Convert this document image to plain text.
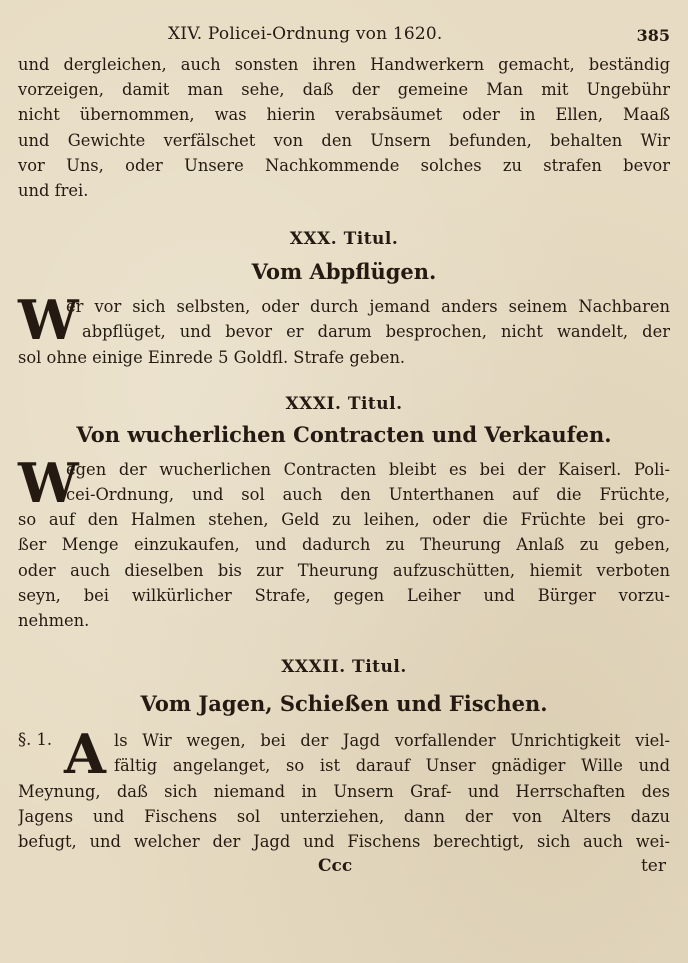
XIV. Policei-Ordnung von 1620.	385
und dergleichen, auch sonsten ihren Handwerkern gemacht, beständig
vorzeigen, damit man sehe, daß der gemeine Man mit Ungebühr
nicht übernommen, was hierin verabsäumet oder in Ellen, Maaß
und Gewichte verfälschet von den Unsern befunden, behalten Wir
vor Uns, oder Unsere Nachkommende solches zu strafen bevor
und frei.
XXX. Titul.
Vom Abpflügen.
W
er vor sich selbsten, oder durch jemand anders seinem Nachbaren
abpflüget, und bevor er darum besprochen, nicht wandelt, der
sol ohne einige Einrede 5 Goldfl. Strafe geben.
XXXI. Titul.
Von wucherlichen Contracten und Verkaufen.
W
egen der wucherlichen Contracten bleibt es bei der Kaiserl. Poli-
cei-Ordnung, und sol auch den Unterthanen auf die Früchte,
so auf den Halmen stehen, Geld zu leihen, oder die Früchte bei gro-
ßer Menge einzukaufen, und dadurch zu Theurung Anlaß zu geben,
oder auch dieselben bis zur Theurung aufzuschütten, hiemit verboten
seyn, bei wilkürlicher Strafe, gegen Leiher und Bürger vorzu-
nehmen.
XXXII. Titul.
Vom Jagen, Schießen und Fischen.
§. 1. A ls Wir wegen, bei der Jagd vorfallender Unrichtigkeit viel-
fältig angelanget, so ist darauf Unser gnädiger Wille und
Meynung, daß sich niemand in Unsern Graf- und Herrschaften des
Jagens und Fischens sol unterziehen, dann der von Alters dazu
befugt, und welcher der Jagd und Fischens berechtigt, sich auch wei-
Ccc	ter
